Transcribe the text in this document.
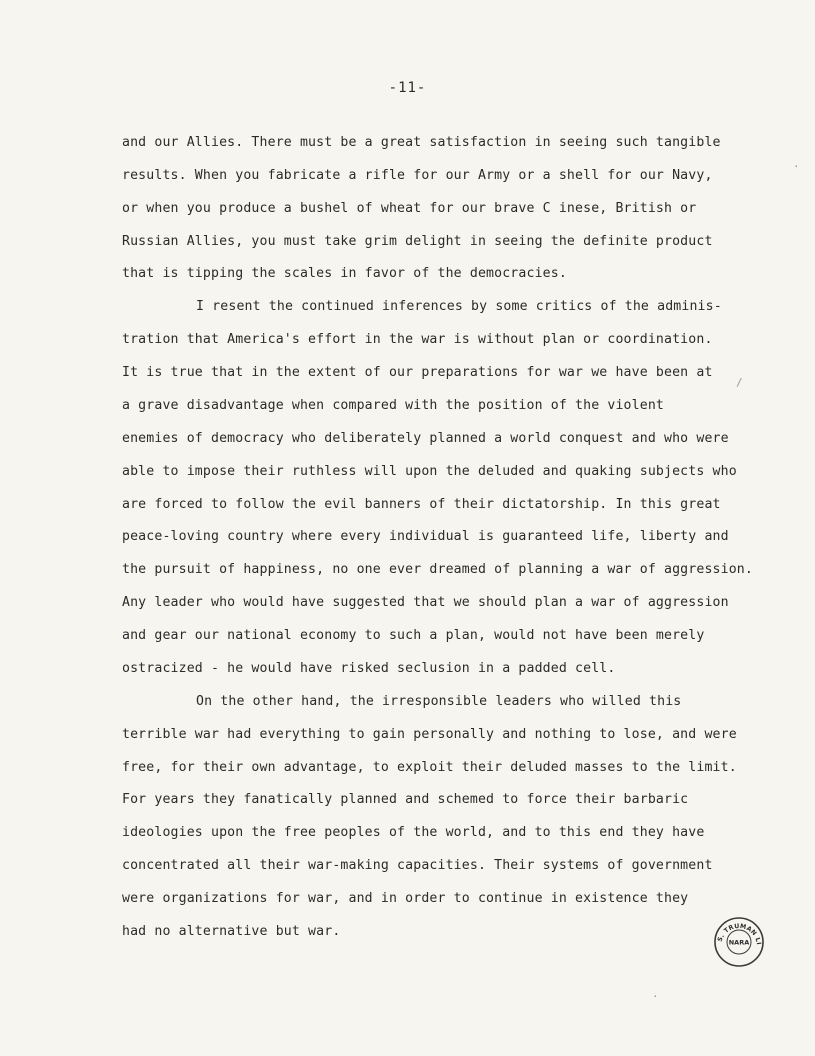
-11-
and our Allies. There must be a great satisfaction in seeing such tangible
results. When you fabricate a rifle for our Army or a shell for our Navy,
or when you produce a bushel of wheat for our brave C inese, British or
Russian Allies, you must take grim delight in seeing the definite product
that is tipping the scales in favor of the democracies.
I resent the continued inferences by some critics of the adminis-
tration that America's effort in the war is without plan or coordination.
It is true that in the extent of our preparations for war we have been at
a grave disadvantage when compared with the position of the violent
enemies of democracy who deliberately planned a world conquest and who were
able to impose their ruthless will upon the deluded and quaking subjects who
are forced to follow the evil banners of their dictatorship. In this great
peace-loving country where every individual is guaranteed life, liberty and
the pursuit of happiness, no one ever dreamed of planning a war of aggression.
Any leader who would have suggested that we should plan a war of aggression
and gear our national economy to such a plan, would not have been merely
ostracized - he would have risked seclusion in a padded cell.
On the other hand, the irresponsible leaders who willed this
terrible war had everything to gain personally and nothing to lose, and were
free, for their own advantage, to exploit their deluded masses to the limit.
For years they fanatically planned and schemed to force their barbaric
ideologies upon the free peoples of the world, and to this end they have
concentrated all their war-making capacities. Their systems of government
were organizations for war, and in order to continue in existence they
had no alternative but war.
·
/
·
S. TRUMAN LI
NARA
